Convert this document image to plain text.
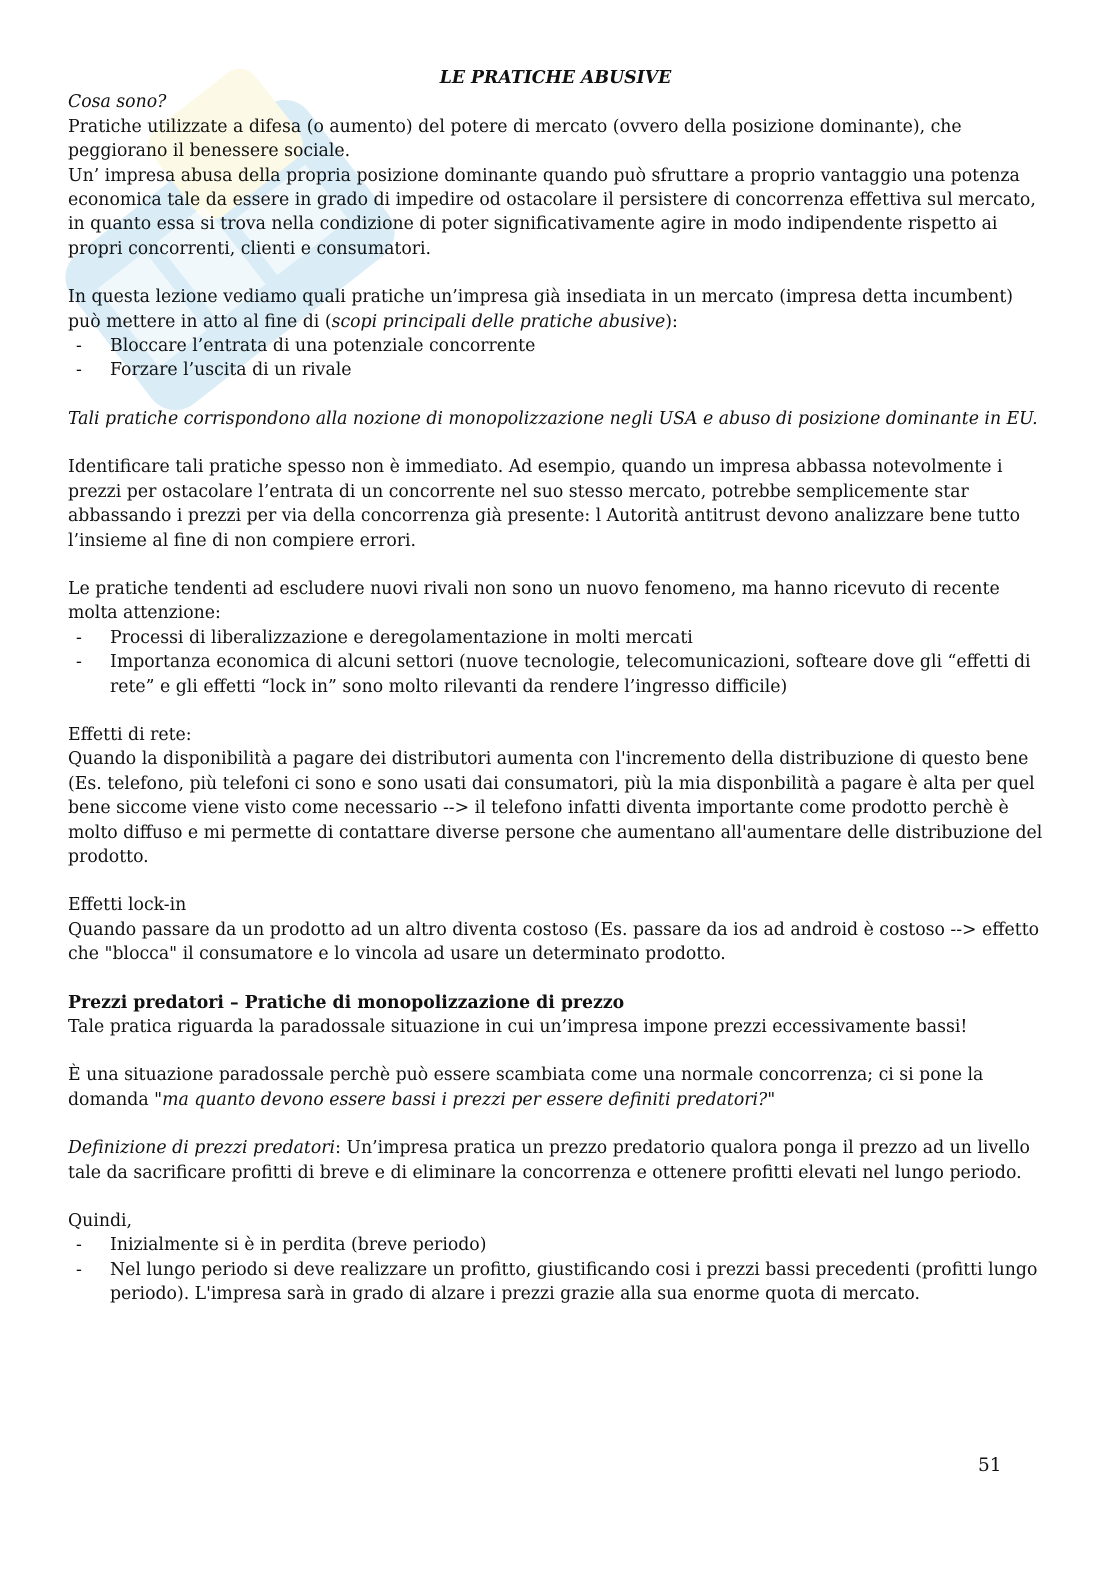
LE PRATICHE ABUSIVE

Cosa sono?

Pratiche utilizzate a difesa (o aumento) del potere di mercato (ovvero della posizione dominante), che peggiorano il benessere sociale.

Un’ impresa abusa della propria posizione dominante quando può sfruttare a proprio vantaggio una potenza economica tale da essere in grado di impedire od ostacolare il persistere di concorrenza effettiva sul mercato, in quanto essa si trova nella condizione di poter significativamente agire in modo indipendente rispetto ai propri concorrenti, clienti e consumatori.

In questa lezione vediamo quali pratiche un’impresa già insediata in un mercato (impresa detta incumbent) può mettere in atto al fine di (scopi principali delle pratiche abusive):

- Bloccare l’entrata di una potenziale concorrente
- Forzare l’uscita di un rivale

Tali pratiche corrispondono alla nozione di monopolizzazione negli USA e abuso di posizione dominante in EU.

Identificare tali pratiche spesso non è immediato. Ad esempio, quando un impresa abbassa notevolmente i prezzi per ostacolare l’entrata di un concorrente nel suo stesso mercato, potrebbe semplicemente star abbassando i prezzi per via della concorrenza già presente: l Autorità antitrust devono analizzare bene tutto l’insieme al fine di non compiere errori.

Le pratiche tendenti ad escludere nuovi rivali non sono un nuovo fenomeno, ma hanno ricevuto di recente molta attenzione:

- Processi di liberalizzazione e deregolamentazione in molti mercati
- Importanza economica di alcuni settori (nuove tecnologie, telecomunicazioni, softeare dove gli “effetti di rete” e gli effetti “lock in” sono molto rilevanti da rendere l’ingresso difficile)

Effetti di rete:

Quando la disponibilità a pagare dei distributori aumenta con l'incremento della distribuzione di questo bene (Es. telefono, più telefoni ci sono e sono usati dai consumatori, più la mia disponbilità a pagare è alta per quel bene siccome viene visto come necessario --> il telefono infatti diventa importante come prodotto perchè è molto diffuso e mi permette di contattare diverse persone che aumentano all'aumentare delle distribuzione del prodotto.

Effetti lock-in

Quando passare da un prodotto ad un altro diventa costoso (Es. passare da ios ad android è costoso --> effetto che "blocca" il consumatore e lo vincola ad usare un determinato prodotto.

Prezzi predatori – Pratiche di monopolizzazione di prezzo

Tale pratica riguarda la paradossale situazione in cui un’impresa impone prezzi eccessivamente bassi!

È una situazione paradossale perchè può essere scambiata come una normale concorrenza; ci si pone la domanda "ma quanto devono essere bassi i prezzi per essere definiti predatori?"

Definizione di prezzi predatori: Un’impresa pratica un prezzo predatorio qualora ponga il prezzo ad un livello tale da sacrificare profitti di breve e di eliminare la concorrenza e ottenere profitti elevati nel lungo periodo.

Quindi,

- Inizialmente si è in perdita (breve periodo)
- Nel lungo periodo si deve realizzare un profitto, giustificando cosi i prezzi bassi precedenti (profitti lungo periodo). L'impresa sarà in grado di alzare i prezzi grazie alla sua enorme quota di mercato.
51
